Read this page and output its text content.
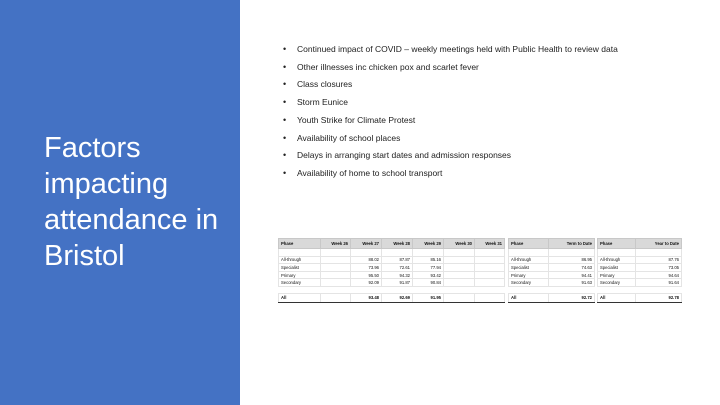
Factors impacting attendance in Bristol
• Continued impact of COVID – weekly meetings held with Public Health to review data
• Other illnesses inc chicken pox and scarlet fever
• Class closures
• Storm Eunice
• Youth Strike for Climate Protest
• Availability of school places
• Delays in arranging start dates and admission responses
• Availability of home to school transport
Phase	Week 26	Week 27	Week 28	Week 29	Week 30	Week 31

All-through		88.02	87.87	85.16		
Specialist		73.96	72.61	77.94		
Primary		95.50	94.32	93.42		
Secondary		92.09	91.87	90.84		

All		93.48	92.69	91.95		
Phase	Term to Date

All-through	86.95
Specialist	74.63
Primary	94.41
Secondary	91.63

All	92.72
Phase	Year to Date

All-through	87.76
Specialist	73.05
Primary	94.64
Secondary	91.64

All	92.78
